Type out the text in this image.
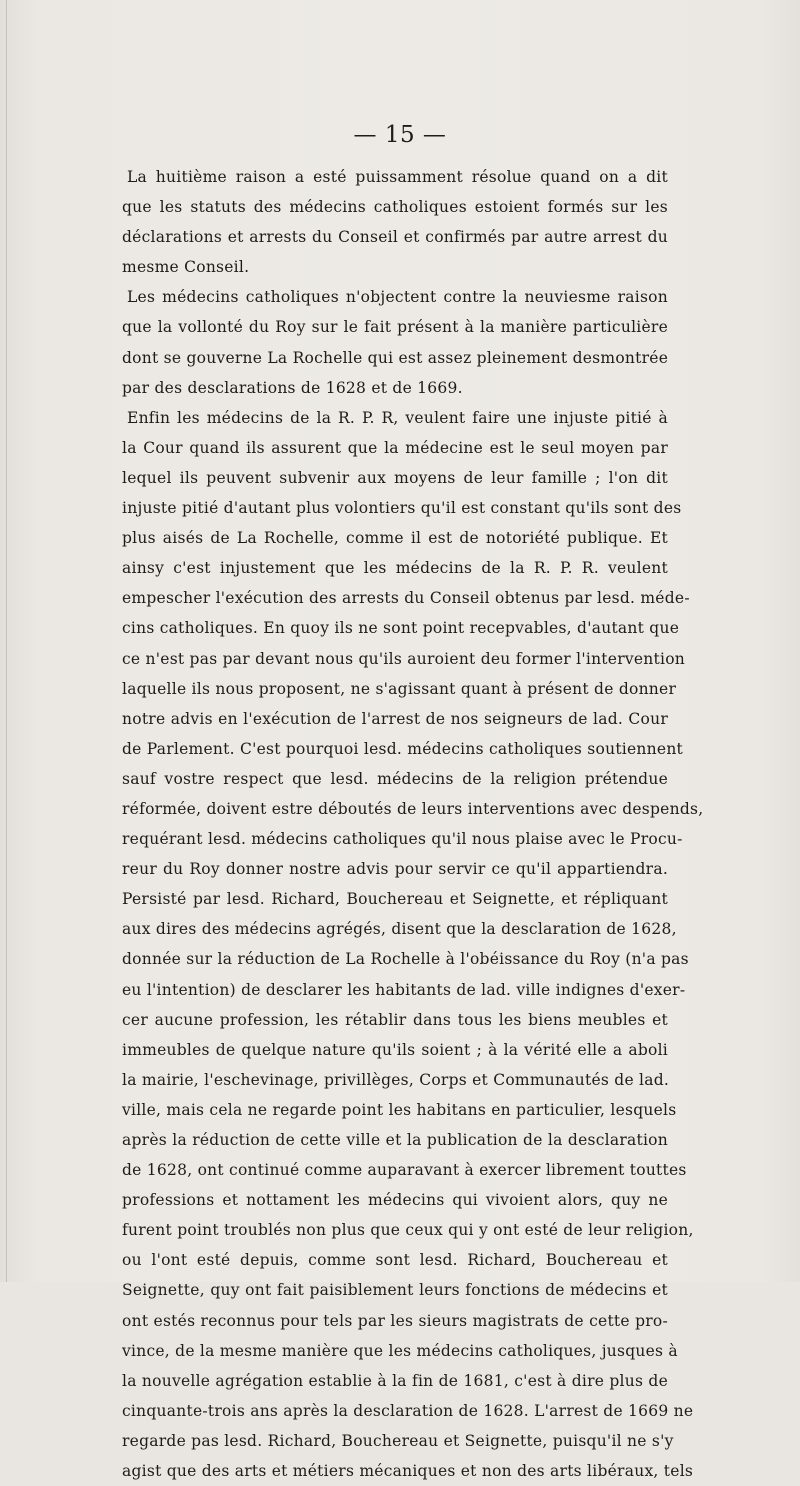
— 15 —
La huitième raison a esté puissamment résolue quand on a dit
que les statuts des médecins catholiques estoient formés sur les
déclarations et arrests du Conseil et confirmés par autre arrest du
mesme Conseil.
Les médecins catholiques n'objectent contre la neuviesme raison
que la vollonté du Roy sur le fait présent à la manière particulière
dont se gouverne La Rochelle qui est assez pleinement desmontrée
par des desclarations de 1628 et de 1669.
Enfin les médecins de la R. P. R, veulent faire une injuste pitié à
la Cour quand ils assurent que la médecine est le seul moyen par
lequel ils peuvent subvenir aux moyens de leur famille ; l'on dit
injuste pitié d'autant plus volontiers qu'il est constant qu'ils sont des
plus aisés de La Rochelle, comme il est de notoriété publique. Et
ainsy c'est injustement que les médecins de la R. P. R. veulent
empescher l'exécution des arrests du Conseil obtenus par lesd. méde-
cins catholiques. En quoy ils ne sont point recepvables, d'autant que
ce n'est pas par devant nous qu'ils auroient deu former l'intervention
laquelle ils nous proposent, ne s'agissant quant à présent de donner
notre advis en l'exécution de l'arrest de nos seigneurs de lad. Cour
de Parlement. C'est pourquoi lesd. médecins catholiques soutiennent
sauf vostre respect que lesd. médecins de la religion prétendue
réformée, doivent estre déboutés de leurs interventions avec despends,
requérant lesd. médecins catholiques qu'il nous plaise avec le Procu-
reur du Roy donner nostre advis pour servir ce qu'il appartiendra.
Persisté par lesd. Richard, Bouchereau et Seignette, et répliquant
aux dires des médecins agrégés, disent que la desclaration de 1628,
donnée sur la réduction de La Rochelle à l'obéissance du Roy (n'a pas
eu l'intention) de desclarer les habitants de lad. ville indignes d'exer-
cer aucune profession, les rétablir dans tous les biens meubles et
immeubles de quelque nature qu'ils soient ; à la vérité elle a aboli
la mairie, l'eschevinage, privillèges, Corps et Communautés de lad.
ville, mais cela ne regarde point les habitans en particulier, lesquels
après la réduction de cette ville et la publication de la desclaration
de 1628, ont continué comme auparavant à exercer librement touttes
professions et nottament les médecins qui vivoient alors, quy ne
furent point troublés non plus que ceux qui y ont esté de leur religion,
ou l'ont esté depuis, comme sont lesd. Richard, Bouchereau et
Seignette, quy ont fait paisiblement leurs fonctions de médecins et
ont estés reconnus pour tels par les sieurs magistrats de cette pro-
vince, de la mesme manière que les médecins catholiques, jusques à
la nouvelle agrégation establie à la fin de 1681, c'est à dire plus de
cinquante-trois ans après la desclaration de 1628. L'arrest de 1669 ne
regarde pas lesd. Richard, Bouchereau et Seignette, puisqu'il ne s'y
agist que des arts et métiers mécaniques et non des arts libéraux, tels
